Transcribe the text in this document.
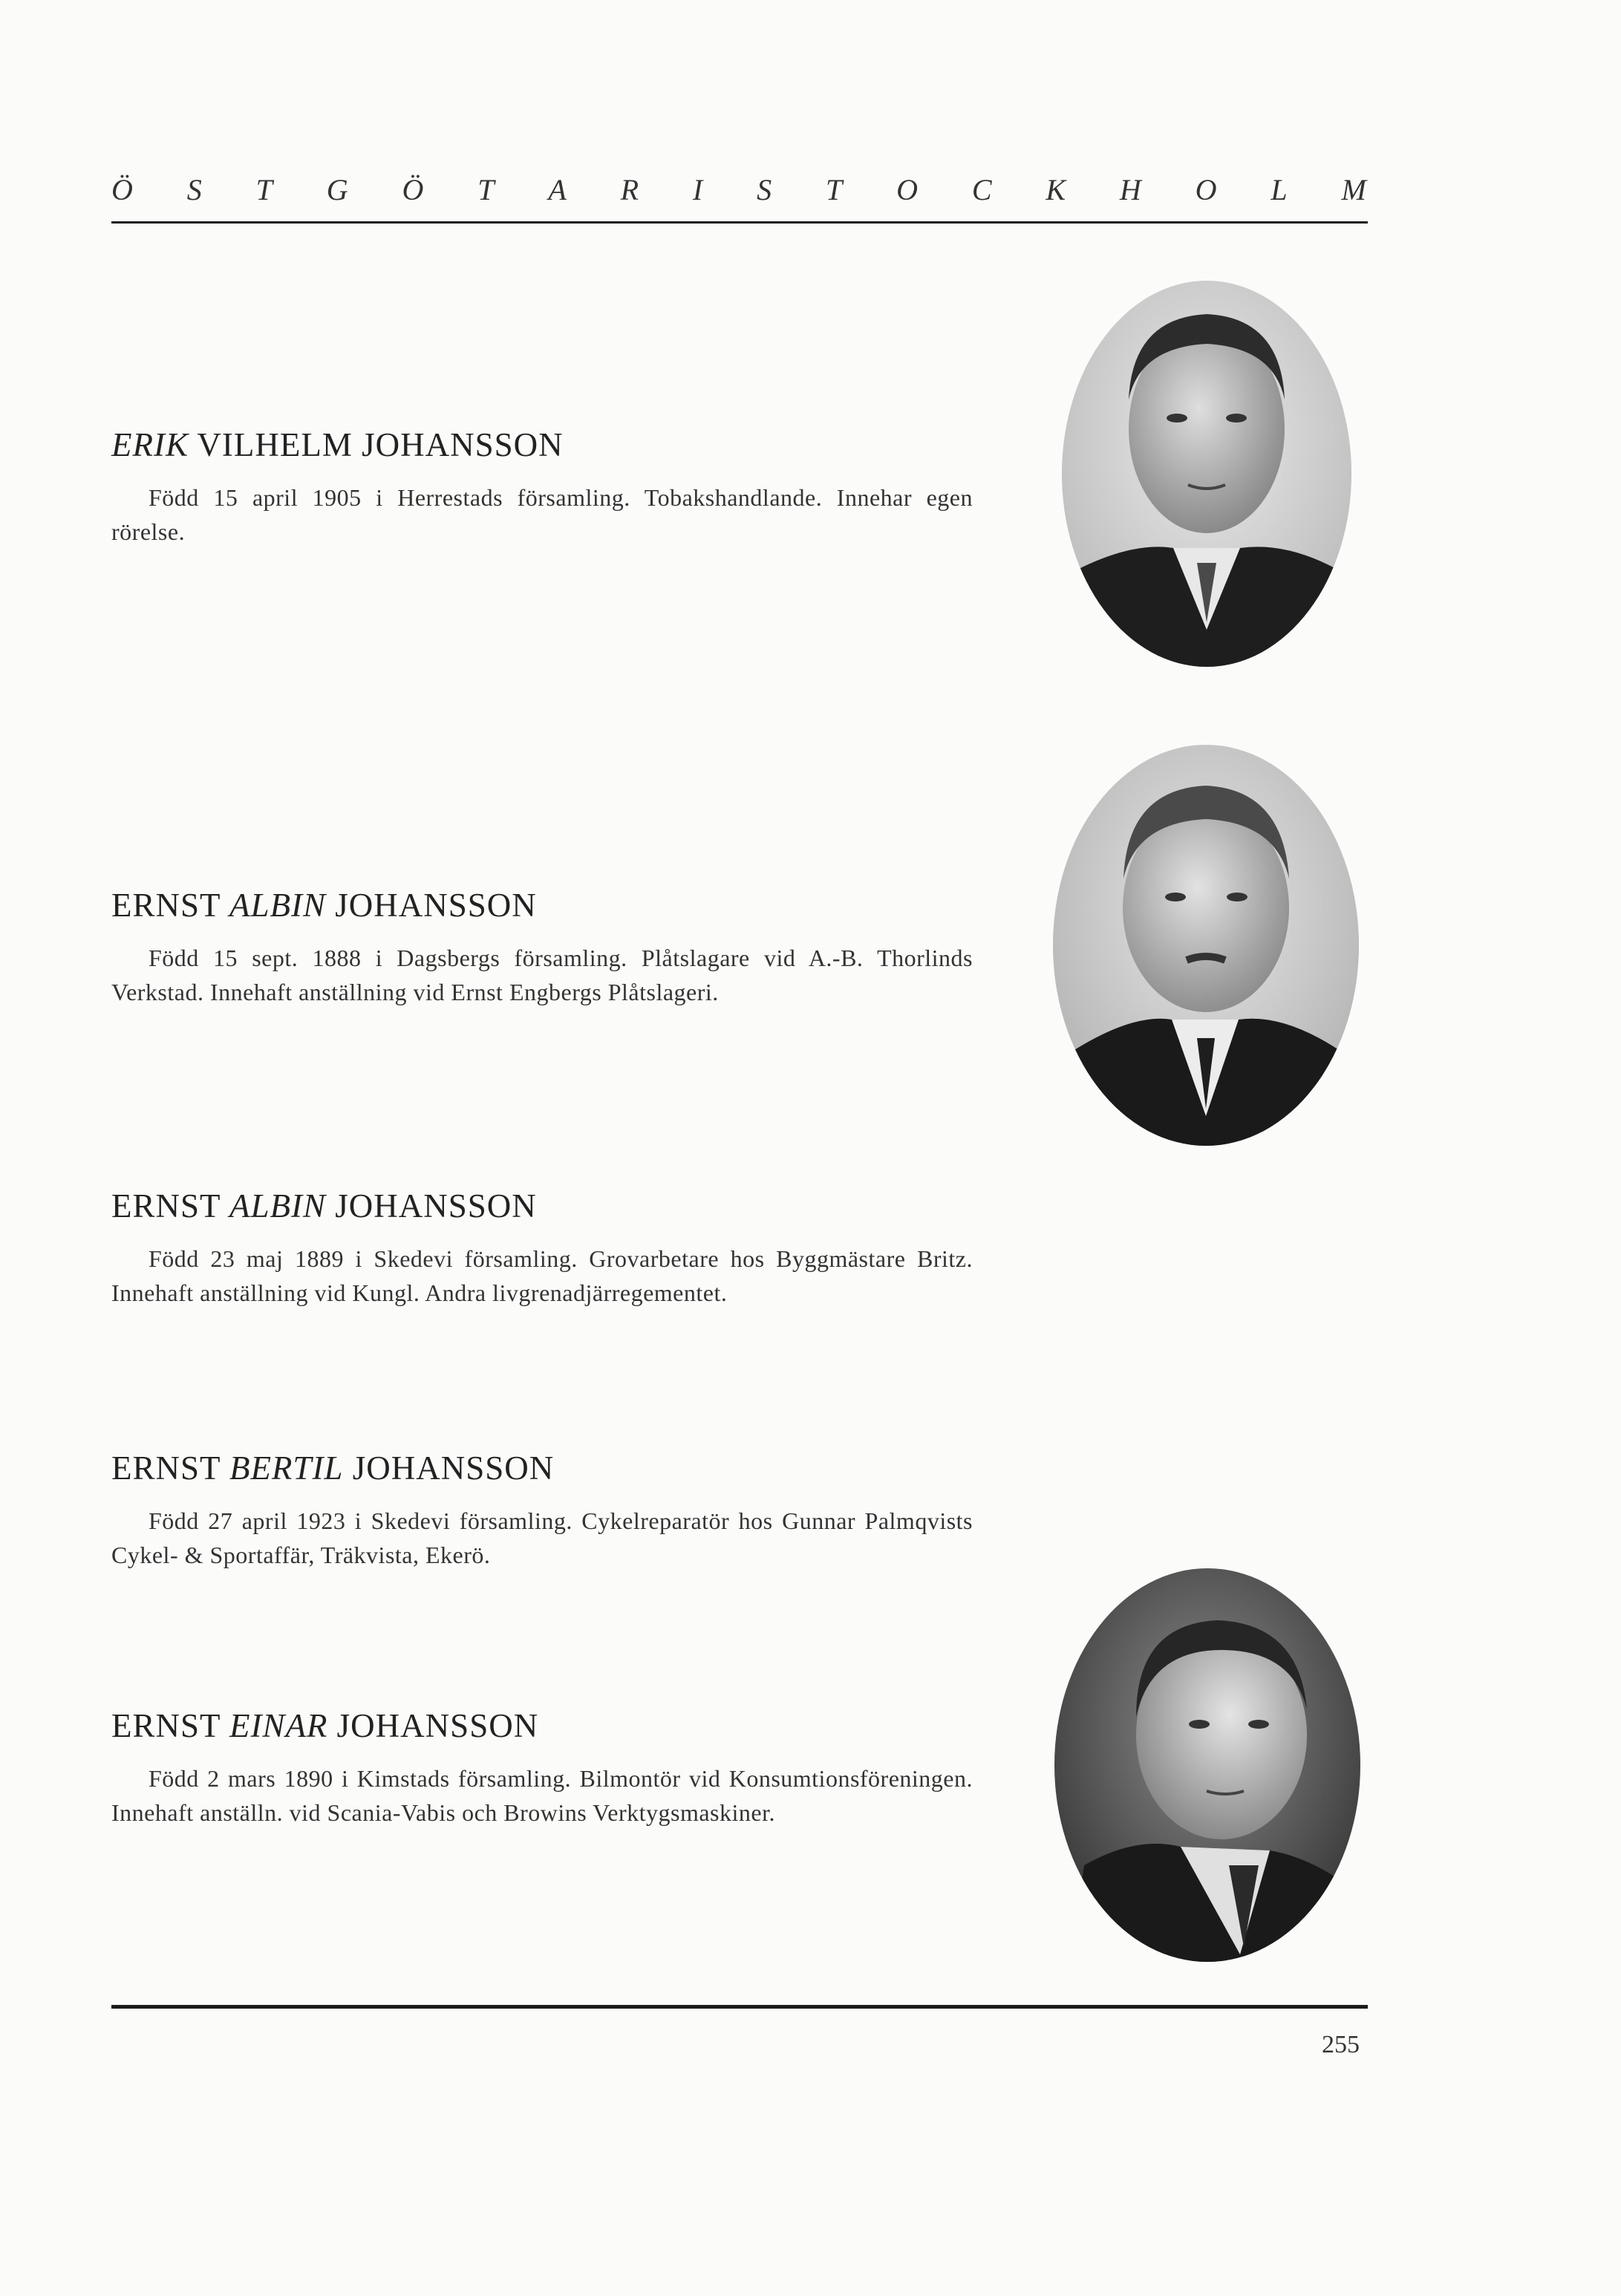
Ö S T G Ö T A R I S T O C K H O L M
ERIK VILHELM JOHANSSON

Född 15 april 1905 i Herrestads församling. Tobakshandlande. Innehar egen rörelse.

ERNST ALBIN JOHANSSON

Född 15 sept. 1888 i Dagsbergs församling. Plåtslagare vid A.-B. Thorlinds Verkstad. Innehaft anställning vid Ernst Engbergs Plåtslageri.

ERNST ALBIN JOHANSSON

Född 23 maj 1889 i Skedevi församling. Grovarbetare hos Byggmästare Britz. Innehaft anställning vid Kungl. Andra livgrenadjärregementet.

ERNST BERTIL JOHANSSON

Född 27 april 1923 i Skedevi församling. Cykelreparatör hos Gunnar Palmqvists Cykel- & Sportaffär, Träkvista, Ekerö.

ERNST EINAR JOHANSSON

Född 2 mars 1890 i Kimstads församling. Bilmontör vid Konsumtionsföreningen. Innehaft anställn. vid Scania-Vabis och Browins Verktygsmaskiner.

255
